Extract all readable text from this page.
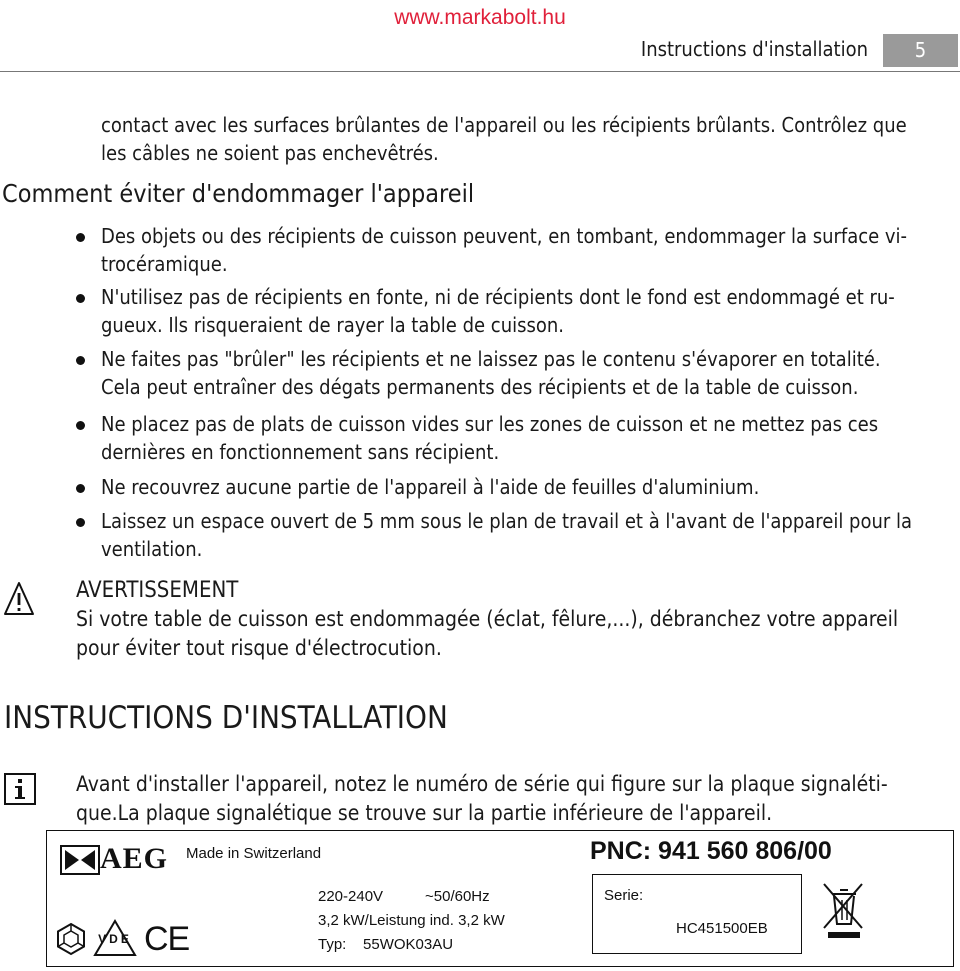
www.markabolt.hu
Instructions d'installation	5
contact avec les surfaces brûlantes de l'appareil ou les récipients brûlants. Contrôlez que
les câbles ne soient pas enchevêtrés.
Comment éviter d'endommager l'appareil
Des objets ou des récipients de cuisson peuvent, en tombant, endommager la surface vi-
trocéramique.
N'utilisez pas de récipients en fonte, ni de récipients dont le fond est endommagé et ru-
gueux. Ils risqueraient de rayer la table de cuisson.
Ne faites pas "brûler" les récipients et ne laissez pas le contenu s'évaporer en totalité.
Cela peut entraîner des dégats permanents des récipients et de la table de cuisson.
Ne placez pas de plats de cuisson vides sur les zones de cuisson et ne mettez pas ces
dernières en fonctionnement sans récipient.
Ne recouvrez aucune partie de l'appareil à l'aide de feuilles d'aluminium.
Laissez un espace ouvert de 5 mm sous le plan de travail et à l'avant de l'appareil pour la
ventilation.
AVERTISSEMENT
Si votre table de cuisson est endommagée (éclat, fêlure,...), débranchez votre appareil
pour éviter tout risque d'électrocution.
INSTRUCTIONS D'INSTALLATION
Avant d'installer l'appareil, notez le numéro de série qui figure sur la plaque signaléti-
que.La plaque signalétique se trouve sur la partie inférieure de l'appareil.
AEG Made in Switzerland	PNC: 941 560 806/00
220-240V	~50/60Hz
3,2 kW/Leistung ind. 3,2 kW
Typ:    55WOK03AU
Serie:
HC451500EB
VDE CE
